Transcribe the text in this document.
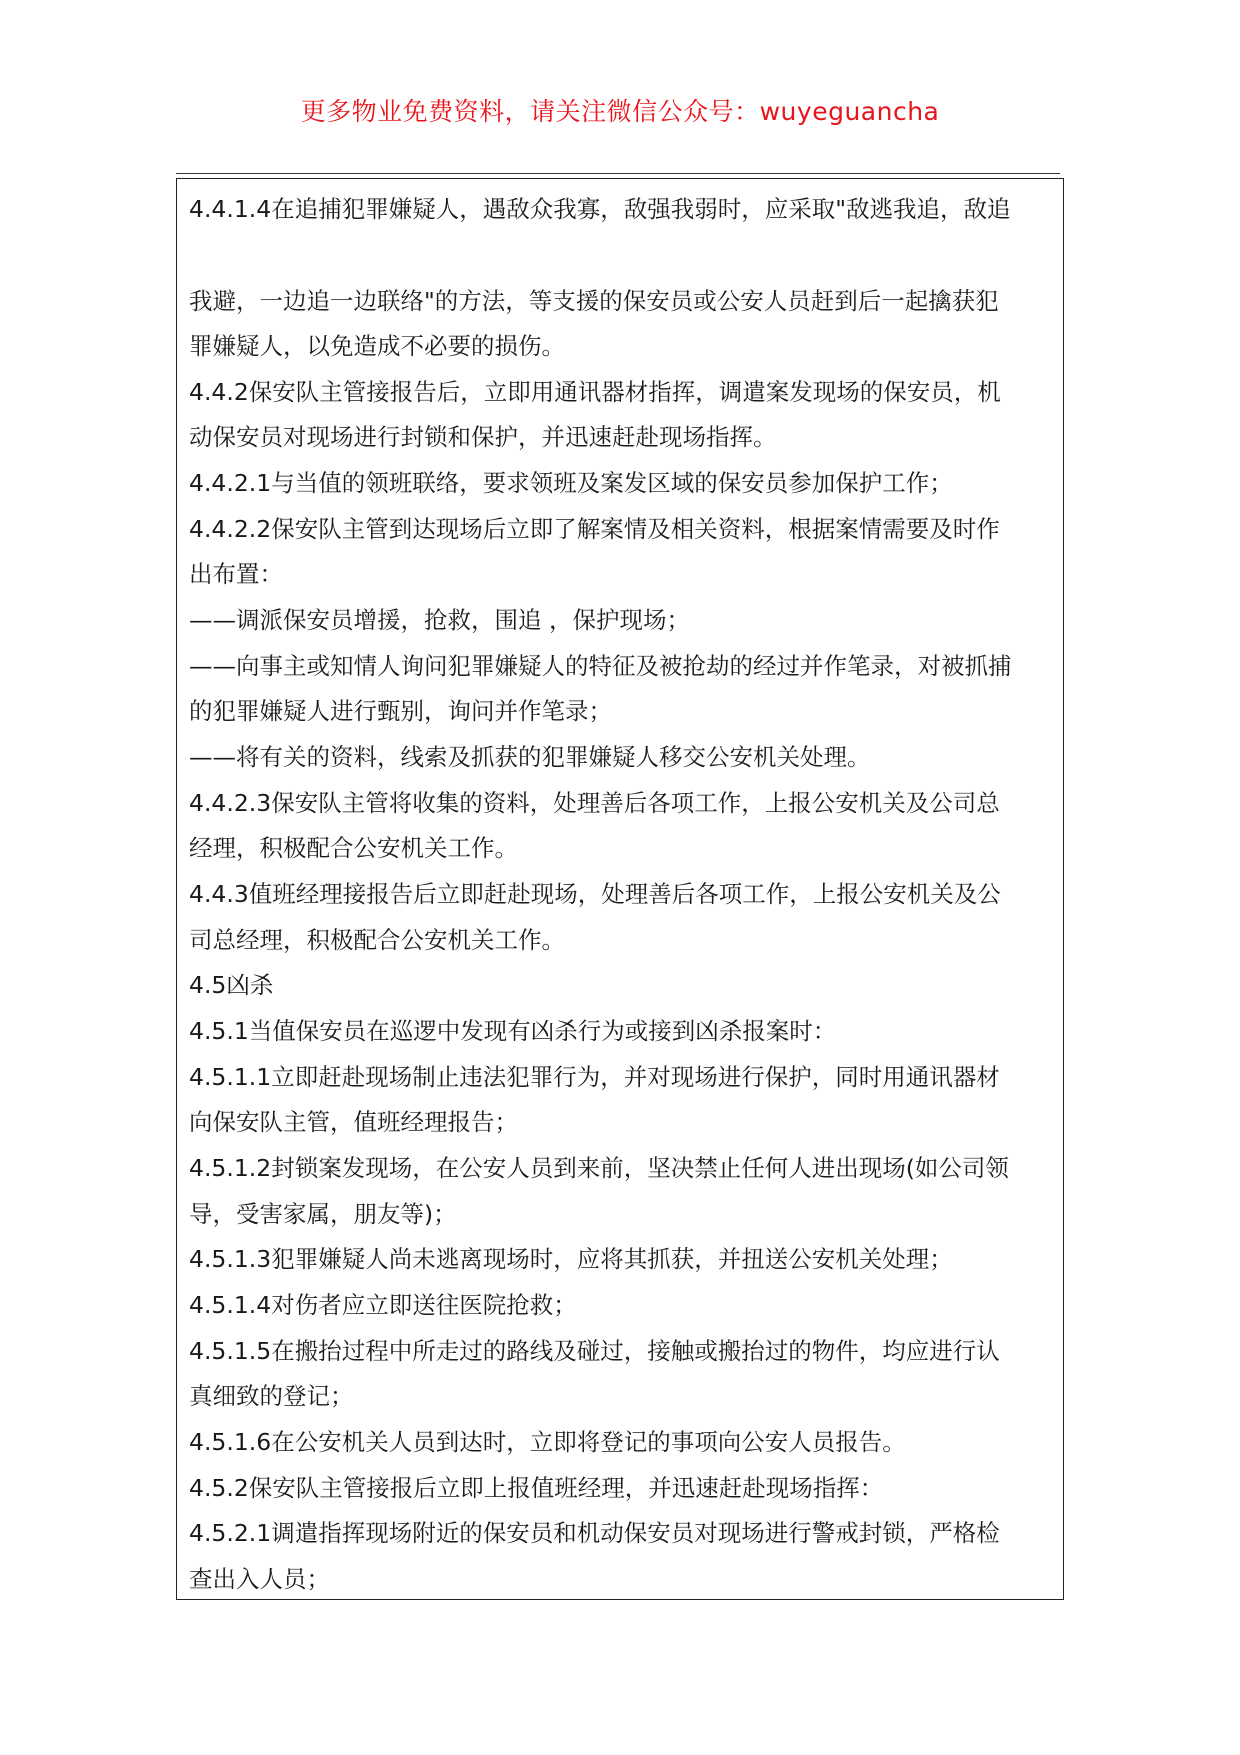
更多物业免费资料，请关注微信公众号：wuyeguancha
4.4.1.4在追捕犯罪嫌疑人，遇敌众我寡，敌强我弱时，应采取"敌逃我追，敌追
我避，一边追一边联络"的方法，等支援的保安员或公安人员赶到后一起擒获犯
罪嫌疑人，以免造成不必要的损伤。
4.4.2保安队主管接报告后，立即用通讯器材指挥，调遣案发现场的保安员，机
动保安员对现场进行封锁和保护，并迅速赶赴现场指挥。
4.4.2.1与当值的领班联络，要求领班及案发区域的保安员参加保护工作；
4.4.2.2保安队主管到达现场后立即了解案情及相关资料，根据案情需要及时作
出布置：
——调派保安员增援，抢救，围追 ，保护现场；
——向事主或知情人询问犯罪嫌疑人的特征及被抢劫的经过并作笔录，对被抓捕
的犯罪嫌疑人进行甄别，询问并作笔录；
——将有关的资料，线索及抓获的犯罪嫌疑人移交公安机关处理。
4.4.2.3保安队主管将收集的资料，处理善后各项工作，上报公安机关及公司总
经理，积极配合公安机关工作。
4.4.3值班经理接报告后立即赶赴现场，处理善后各项工作，上报公安机关及公
司总经理，积极配合公安机关工作。
4.5凶杀
4.5.1当值保安员在巡逻中发现有凶杀行为或接到凶杀报案时：
4.5.1.1立即赶赴现场制止违法犯罪行为，并对现场进行保护，同时用通讯器材
向保安队主管，值班经理报告；
4.5.1.2封锁案发现场，在公安人员到来前，坚决禁止任何人进出现场(如公司领
导，受害家属，朋友等)；
4.5.1.3犯罪嫌疑人尚未逃离现场时，应将其抓获，并扭送公安机关处理；
4.5.1.4对伤者应立即送往医院抢救；
4.5.1.5在搬抬过程中所走过的路线及碰过，接触或搬抬过的物件，均应进行认
真细致的登记；
4.5.1.6在公安机关人员到达时，立即将登记的事项向公安人员报告。
4.5.2保安队主管接报后立即上报值班经理，并迅速赶赴现场指挥：
4.5.2.1调遣指挥现场附近的保安员和机动保安员对现场进行警戒封锁，严格检
查出入人员；
